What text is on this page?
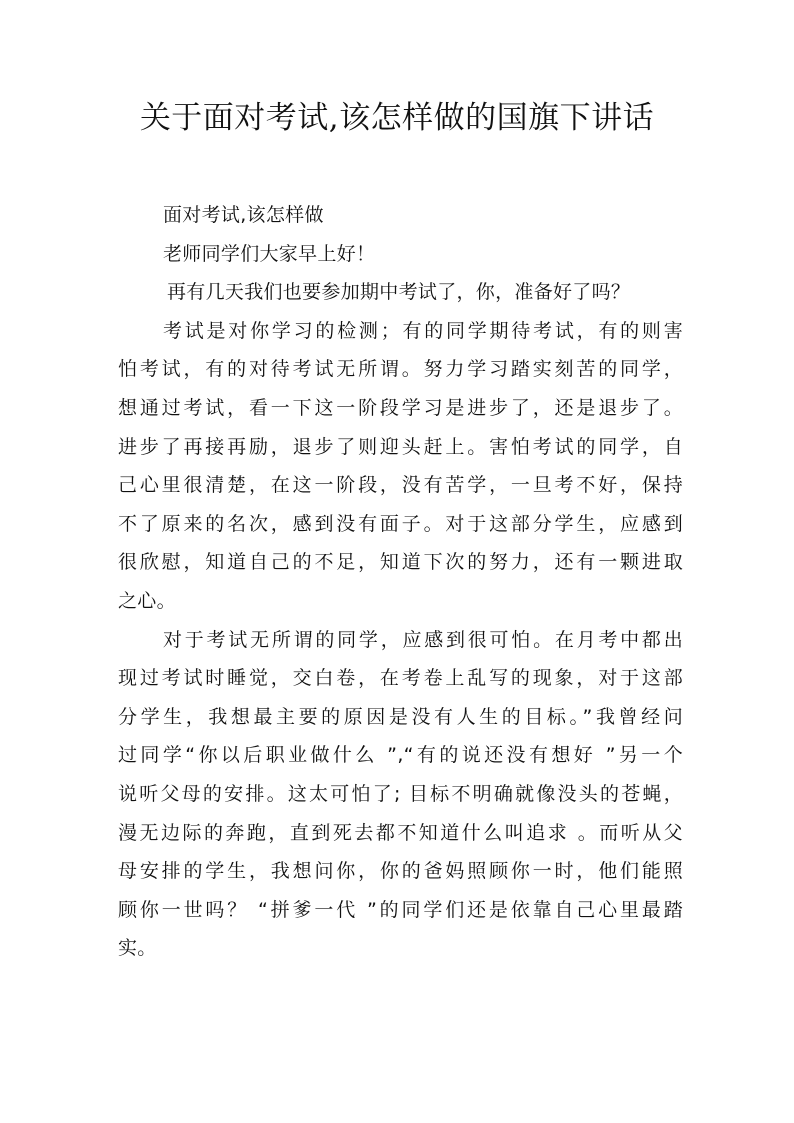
关于面对考试,该怎样做的国旗下讲话
面对考试,该怎样做
老师同学们大家早上好！
再有几天我们也要参加期中考试了，你，准备好了吗？
考试是对你学习的检测；有的同学期待考试，有的则害
怕考试，有的对待考试无所谓。努力学习踏实刻苦的同学，
想通过考试，看一下这一阶段学习是进步了，还是退步了。
进步了再接再励，退步了则迎头赶上。害怕考试的同学，自
己心里很清楚，在这一阶段，没有苦学，一旦考不好，保持
不了原来的名次，感到没有面子。对于这部分学生，应感到
很欣慰，知道自己的不足，知道下次的努力，还有一颗进取
之心。
对于考试无所谓的同学，应感到很可怕。在月考中都出
现过考试时睡觉，交白卷，在考卷上乱写的现象，对于这部
分学生，我想最主要的原因是没有人生的目标。”我曾经问
过同学“你以后职业做什么 ”,“有的说还没有想好 ”另一个
说听父母的安排。这太可怕了; 目标不明确就像没头的苍蝇，
漫无边际的奔跑，直到死去都不知道什么叫追求 。而听从父
母安排的学生，我想问你，你的爸妈照顾你一时，他们能照
顾你一世吗？ “拼爹一代 ”的同学们还是依靠自己心里最踏
实。
